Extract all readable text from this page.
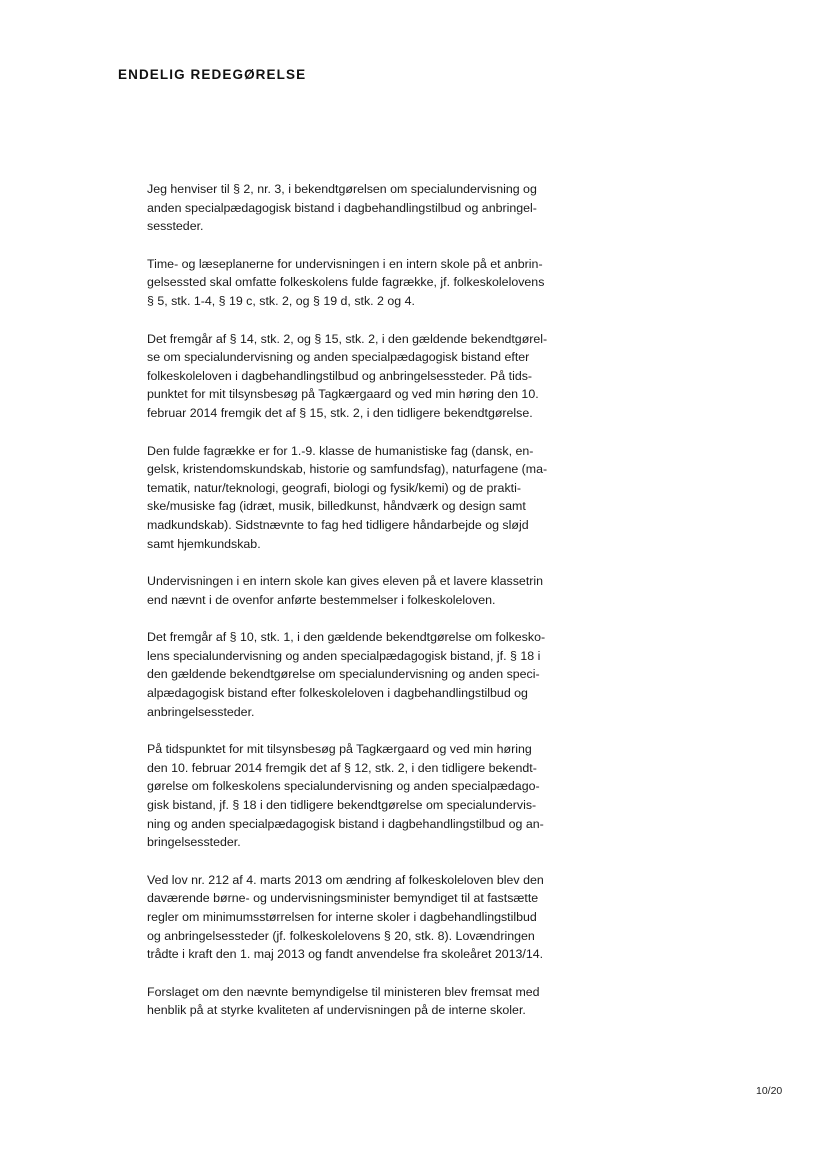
ENDELIG REDEGØRELSE

Jeg henviser til § 2, nr. 3, i bekendtgørelsen om specialundervisning og
anden specialpædagogisk bistand i dagbehandlingstilbud og anbringel-
sessteder.

Time- og læseplanerne for undervisningen i en intern skole på et anbrin-
gelsessted skal omfatte folkeskolens fulde fagrække, jf. folkeskolelovens
§ 5, stk. 1-4, § 19 c, stk. 2, og § 19 d, stk. 2 og 4.

Det fremgår af § 14, stk. 2, og § 15, stk. 2, i den gældende bekendtgørel-
se om specialundervisning og anden specialpædagogisk bistand efter
folkeskoleloven i dagbehandlingstilbud og anbringelsessteder. På tids-
punktet for mit tilsynsbesøg på Tagkærgaard og ved min høring den 10.
februar 2014 fremgik det af § 15, stk. 2, i den tidligere bekendtgørelse.

Den fulde fagrække er for 1.-9. klasse de humanistiske fag (dansk, en-
gelsk, kristendomskundskab, historie og samfundsfag), naturfagene (ma-
tematik, natur/teknologi, geografi, biologi og fysik/kemi) og de prakti-
ske/musiske fag (idræt, musik, billedkunst, håndværk og design samt
madkundskab). Sidstnævnte to fag hed tidligere håndarbejde og sløjd
samt hjemkundskab.

Undervisningen i en intern skole kan gives eleven på et lavere klassetrin
end nævnt i de ovenfor anførte bestemmelser i folkeskoleloven.

Det fremgår af § 10, stk. 1, i den gældende bekendtgørelse om folkesko-
lens specialundervisning og anden specialpædagogisk bistand, jf. § 18 i
den gældende bekendtgørelse om specialundervisning og anden speci-
alpædagogisk bistand efter folkeskoleloven i dagbehandlingstilbud og
anbringelsessteder.

På tidspunktet for mit tilsynsbesøg på Tagkærgaard og ved min høring
den 10. februar 2014 fremgik det af § 12, stk. 2, i den tidligere bekendt-
gørelse om folkeskolens specialundervisning og anden specialpædago-
gisk bistand, jf. § 18 i den tidligere bekendtgørelse om specialundervis-
ning og anden specialpædagogisk bistand i dagbehandlingstilbud og an-
bringelsessteder.

Ved lov nr. 212 af 4. marts 2013 om ændring af folkeskoleloven blev den
daværende børne- og undervisningsminister bemyndiget til at fastsætte
regler om minimumsstørrelsen for interne skoler i dagbehandlingstilbud
og anbringelsessteder (jf. folkeskolelovens § 20, stk. 8). Lovændringen
trådte i kraft den 1. maj 2013 og fandt anvendelse fra skoleåret 2013/14.

Forslaget om den nævnte bemyndigelse til ministeren blev fremsat med
henblik på at styrke kvaliteten af undervisningen på de interne skoler.

10/20
